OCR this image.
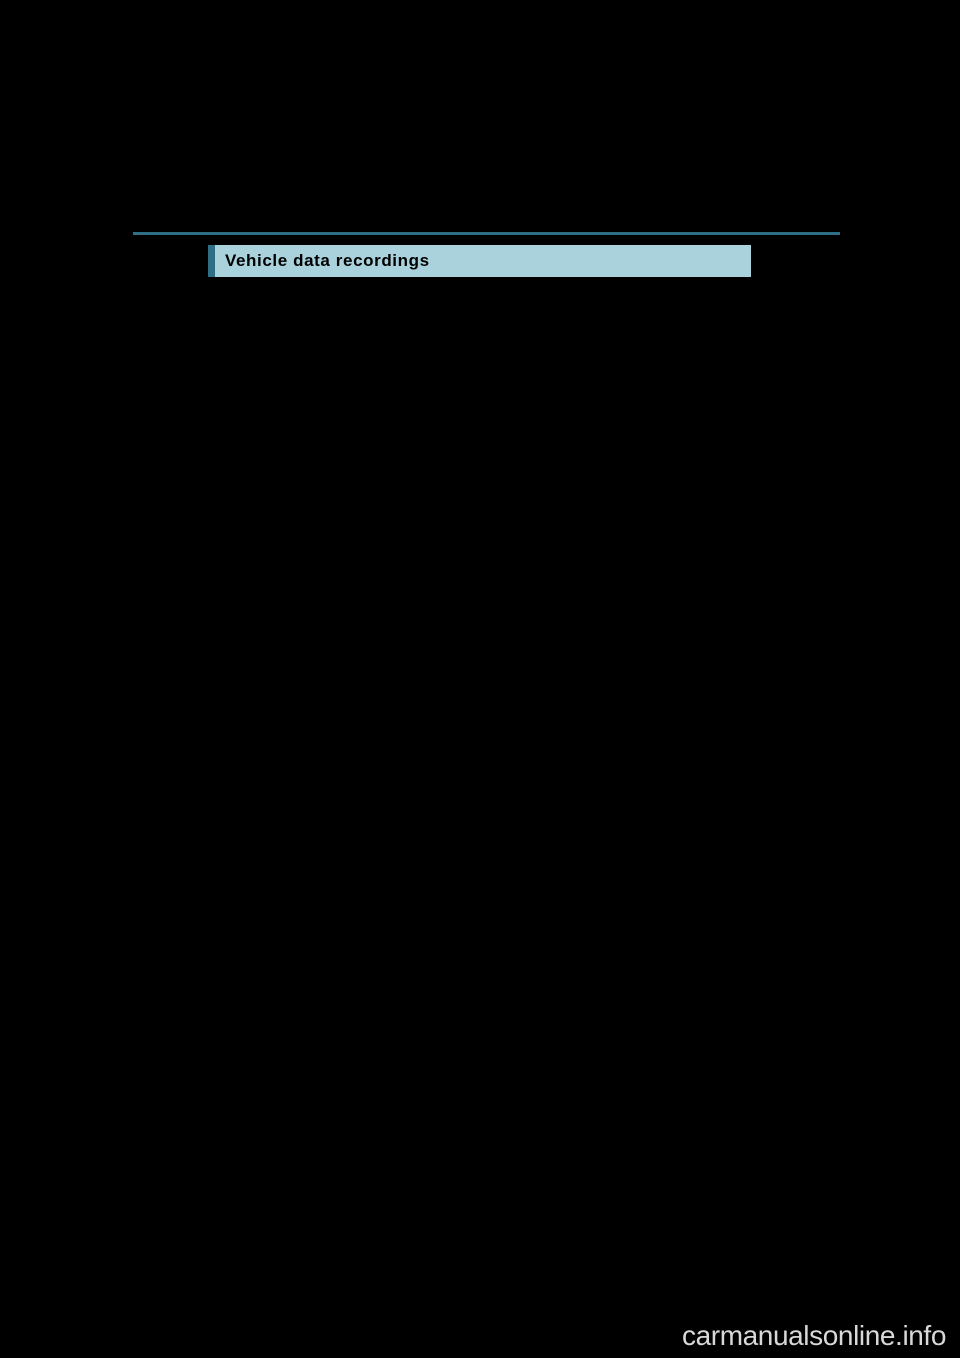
Vehicle data recordings
carmanualsonline.info
